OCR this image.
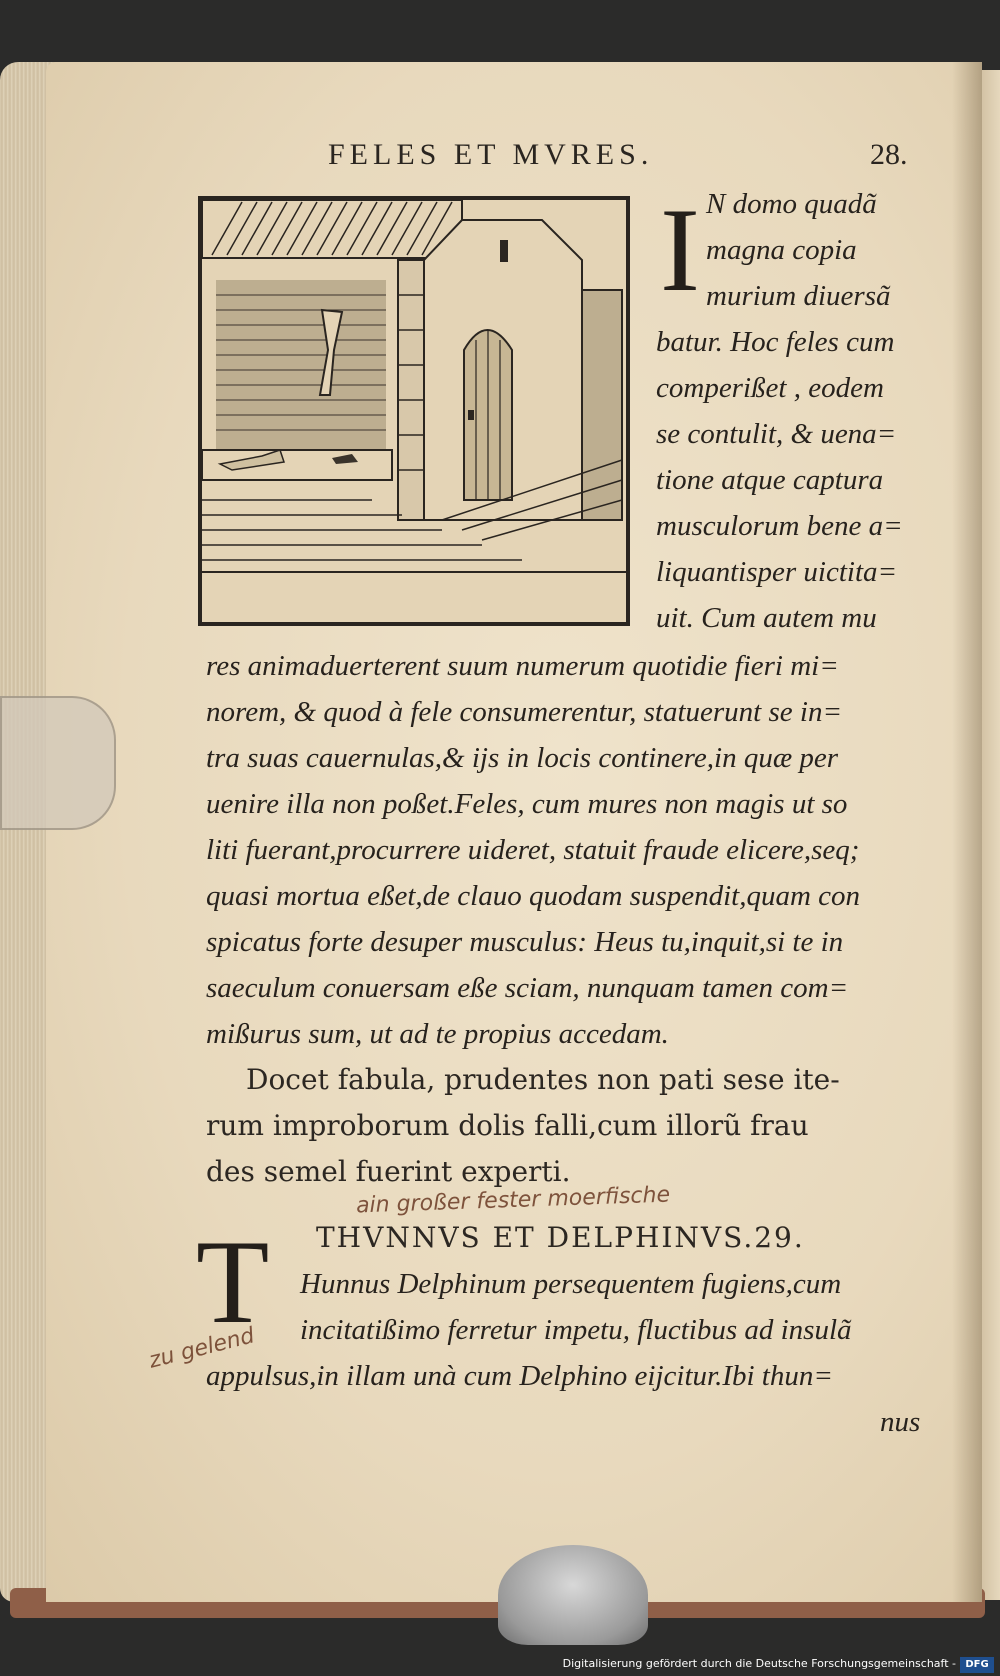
FELES ET MVRES.	28.
I N domo quadã
magna copia
murium diuersã
batur. Hoc feles cum
comperißet , eodem
se contulit, & uena=
tione atque captura
musculorum bene a=
liquantisper uictita=
uit. Cum autem mu
res animaduerterent suum numerum quotidie fieri mi=
norem, & quod à fele consumerentur, statuerunt se in=
tra suas cauernulas,& ijs in locis continere,in quæ per
uenire illa non poßet.Feles, cum mures non magis ut so
liti fuerant,procurrere uideret, statuit fraude elicere,seq;
quasi mortua eßet,de clauo quodam suspendit,quam con
spicatus forte desuper musculus: Heus tu,inquit,si te in
saeculum conuersam eße sciam, nunquam tamen com=
mißurus sum, ut ad te propius accedam.
Docet fabula, prudentes non pati sese ite-
rum improborum dolis falli,cum illorũ frau
des semel fuerint experti.
THVNNVS ET DELPHINVS.29.
T Hunnus Delphinum persequentem fugiens,cum
incitatißimo ferretur impetu, fluctibus ad insulã
appulsus,in illam unà cum Delphino eijcitur.Ibi thun=
nus
ain großer fester moerfische
zu gelend
Digitalisierung gefördert durch die Deutsche Forschungsgemeinschaft - DFG
